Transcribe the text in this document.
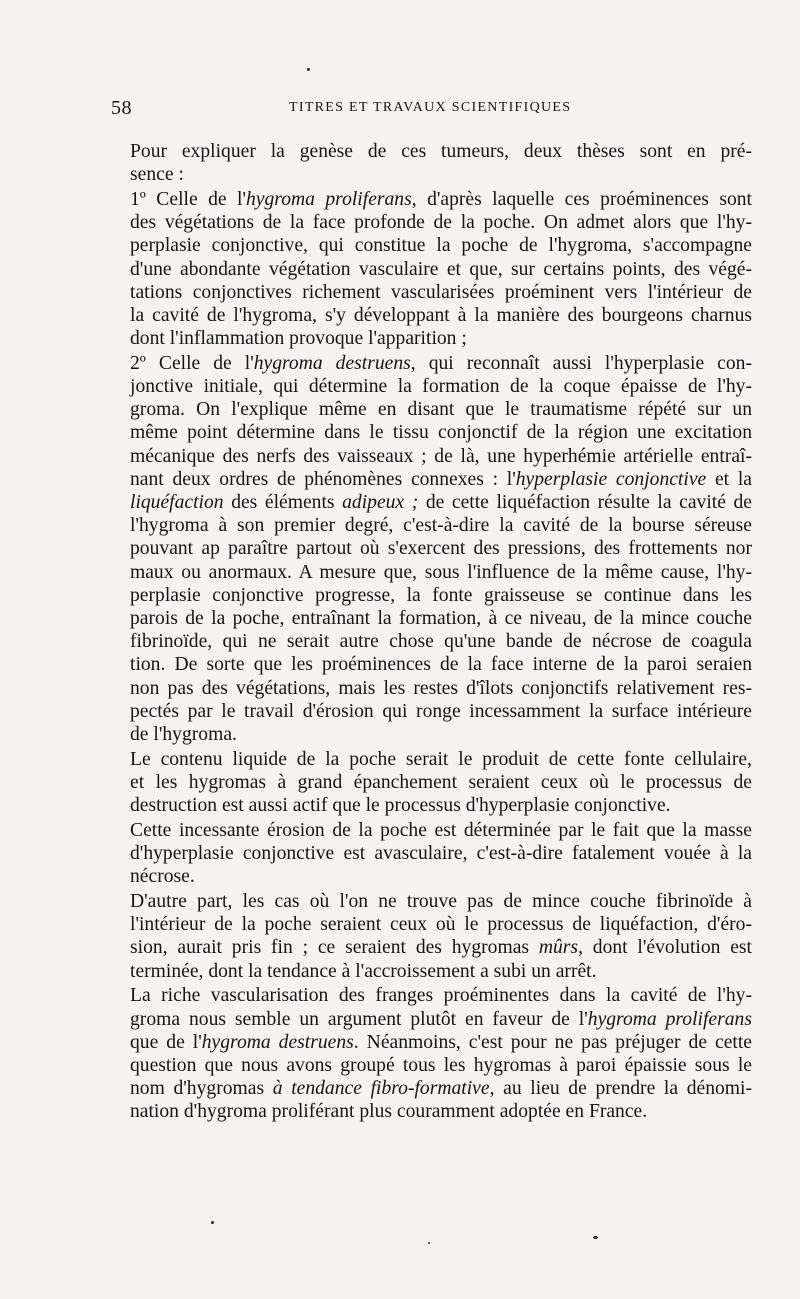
58	TITRES ET TRAVAUX SCIENTIFIQUES

Pour expliquer la genèse de ces tumeurs, deux thèses sont en pré-
sence :

1º Celle de l'hygroma proliferans, d'après laquelle ces proéminences sont
des végétations de la face profonde de la poche. On admet alors que l'hy-
perplasie conjonctive, qui constitue la poche de l'hygroma, s'accompagne
d'une abondante végétation vasculaire et que, sur certains points, des végé-
tations conjonctives richement vascularisées proéminent vers l'intérieur de
la cavité de l'hygroma, s'y développant à la manière des bourgeons charnus
dont l'inflammation provoque l'apparition ;

2º Celle de l'hygroma destruens, qui reconnaît aussi l'hyperplasie con-
jonctive initiale, qui détermine la formation de la coque épaisse de l'hy-
groma. On l'explique même en disant que le traumatisme répété sur un
même point détermine dans le tissu conjonctif de la région une excitation
mécanique des nerfs des vaisseaux ; de là, une hyperhémie artérielle entraî-
nant deux ordres de phénomènes connexes : l'hyperplasie conjonctive et la
liquéfaction des éléments adipeux ; de cette liquéfaction résulte la cavité de
l'hygroma à son premier degré, c'est-à-dire la cavité de la bourse séreuse
pouvant ap paraître partout où s'exercent des pressions, des frottements nor
maux ou anormaux. A mesure que, sous l'influence de la même cause, l'hy-
perplasie conjonctive progresse, la fonte graisseuse se continue dans les
parois de la poche, entraînant la formation, à ce niveau, de la mince couche
fibrinoïde, qui ne serait autre chose qu'une bande de nécrose de coagula
tion. De sorte que les proéminences de la face interne de la paroi seraien
non pas des végétations, mais les restes d'îlots conjonctifs relativement res-
pectés par le travail d'érosion qui ronge incessamment la surface intérieure
de l'hygroma.

Le contenu liquide de la poche serait le produit de cette fonte cellulaire,
et les hygromas à grand épanchement seraient ceux où le processus de
destruction est aussi actif que le processus d'hyperplasie conjonctive.

Cette incessante érosion de la poche est déterminée par le fait que la masse
d'hyperplasie conjonctive est avasculaire, c'est-à-dire fatalement vouée à la
nécrose.

D'autre part, les cas où l'on ne trouve pas de mince couche fibrinoïde à
l'intérieur de la poche seraient ceux où le processus de liquéfaction, d'éro-
sion, aurait pris fin ; ce seraient des hygromas mûrs, dont l'évolution est
terminée, dont la tendance à l'accroissement a subi un arrêt.

La riche vascularisation des franges proéminentes dans la cavité de l'hy-
groma nous semble un argument plutôt en faveur de l'hygroma proliferans
que de l'hygroma destruens. Néanmoins, c'est pour ne pas préjuger de cette
question que nous avons groupé tous les hygromas à paroi épaissie sous le
nom d'hygromas à tendance fibro-formative, au lieu de prendre la dénomi-
nation d'hygroma proliférant plus couramment adoptée en France.
